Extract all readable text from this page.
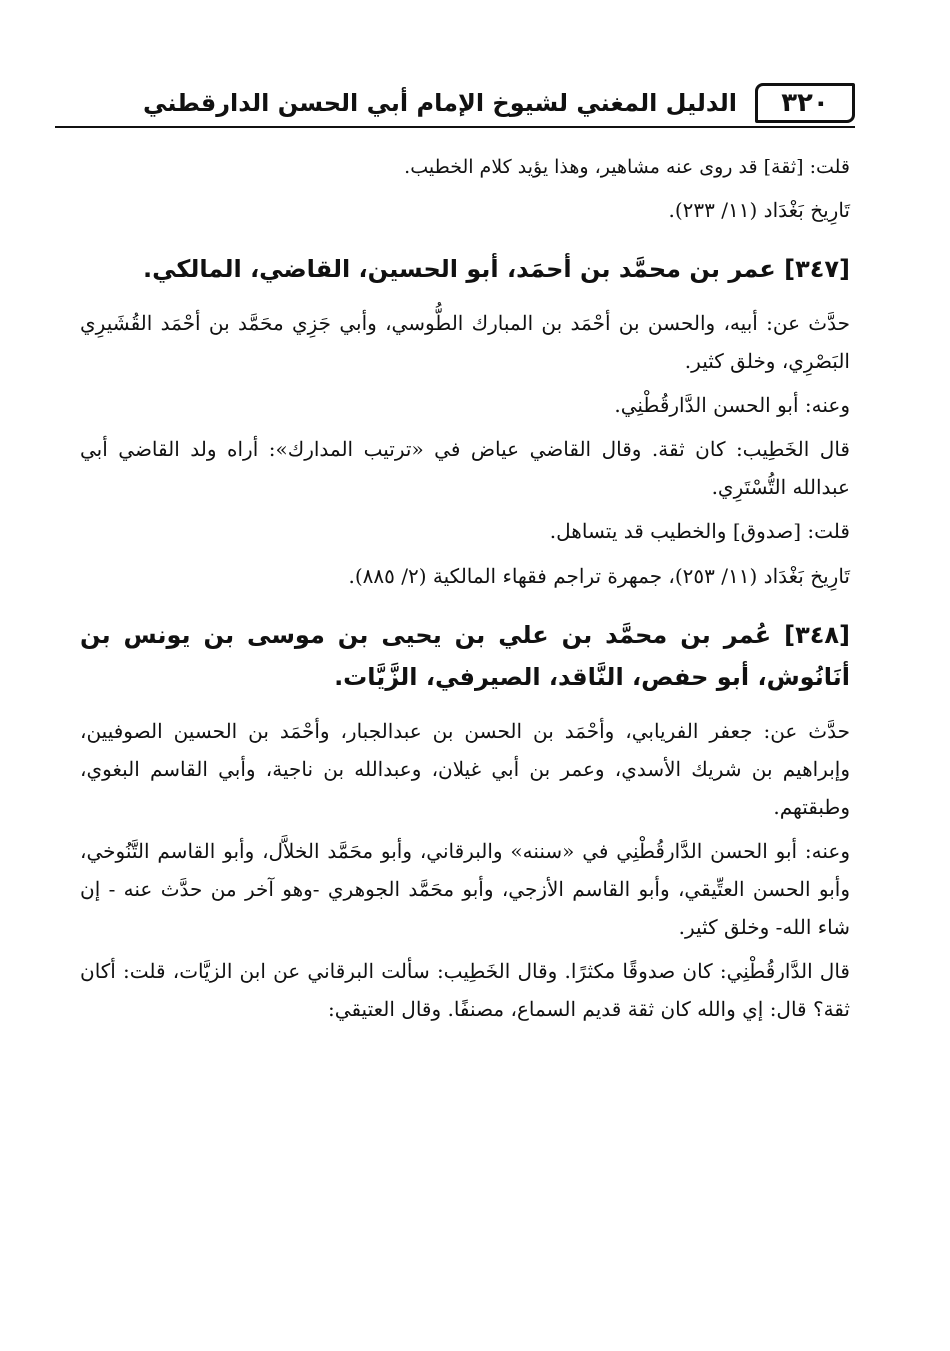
٣٢٠
الدليل المغني لشيوخ الإمام أبي الحسن الدارقطني

قلت: [ثقة] قد روى عنه مشاهير، وهذا يؤيد كلام الخطيب.

تَارِيخ بَغْدَاد (١١/ ٢٣٣).

[٣٤٧] عمر بن محمَّد بن أحمَد، أبو الحسين، القاضي، المالكي.

حدَّث عن: أبيه، والحسن بن أحْمَد بن المبارك الطُّوسي، وأبي جَزِي محَمَّد بن أحْمَد القُشَيرِي البَصْرِي، وخلق كثير.

وعنه: أبو الحسن الدَّارقُطْنِي.

قال الخَطِيب: كان ثقة. وقال القاضي عياض في «ترتيب المدارك»: أراه ولد القاضي أبي عبدالله التُّسْتَرِي.

قلت: [صدوق] والخطيب قد يتساهل.

تَارِيخ بَغْدَاد (١١/ ٢٥٣)، جمهرة تراجم فقهاء المالكية (٢/ ٨٨٥).

[٣٤٨] عُمر بن محمَّد بن علي بن يحيى بن موسى بن يونس بن أنَانُوش، أبو حفص، النَّاقد، الصيرفي، الزَّيَّات.

حدَّث عن: جعفر الفريابي، وأحْمَد بن الحسن بن عبدالجبار، وأحْمَد بن الحسين الصوفيين، وإبراهيم بن شريك الأسدي، وعمر بن أبي غيلان، وعبدالله بن ناجية، وأبي القاسم البغوي، وطبقتهم.

وعنه: أبو الحسن الدَّارقُطْنِي في «سننه» والبرقاني، وأبو محَمَّد الخلاَّل، وأبو القاسم التَّنُوخي، وأبو الحسن العتِّيقي، وأبو القاسم الأزجي، وأبو محَمَّد الجوهري -وهو آخر من حدَّث عنه - إن شاء الله- وخلق كثير.

قال الدَّارقُطْنِي: كان صدوقًا مكثرًا. وقال الخَطِيب: سألت البرقاني عن ابن الزيَّات، قلت: أكان ثقة؟ قال: إي والله كان ثقة قديم السماع، مصنفًا. وقال العتيقي:
